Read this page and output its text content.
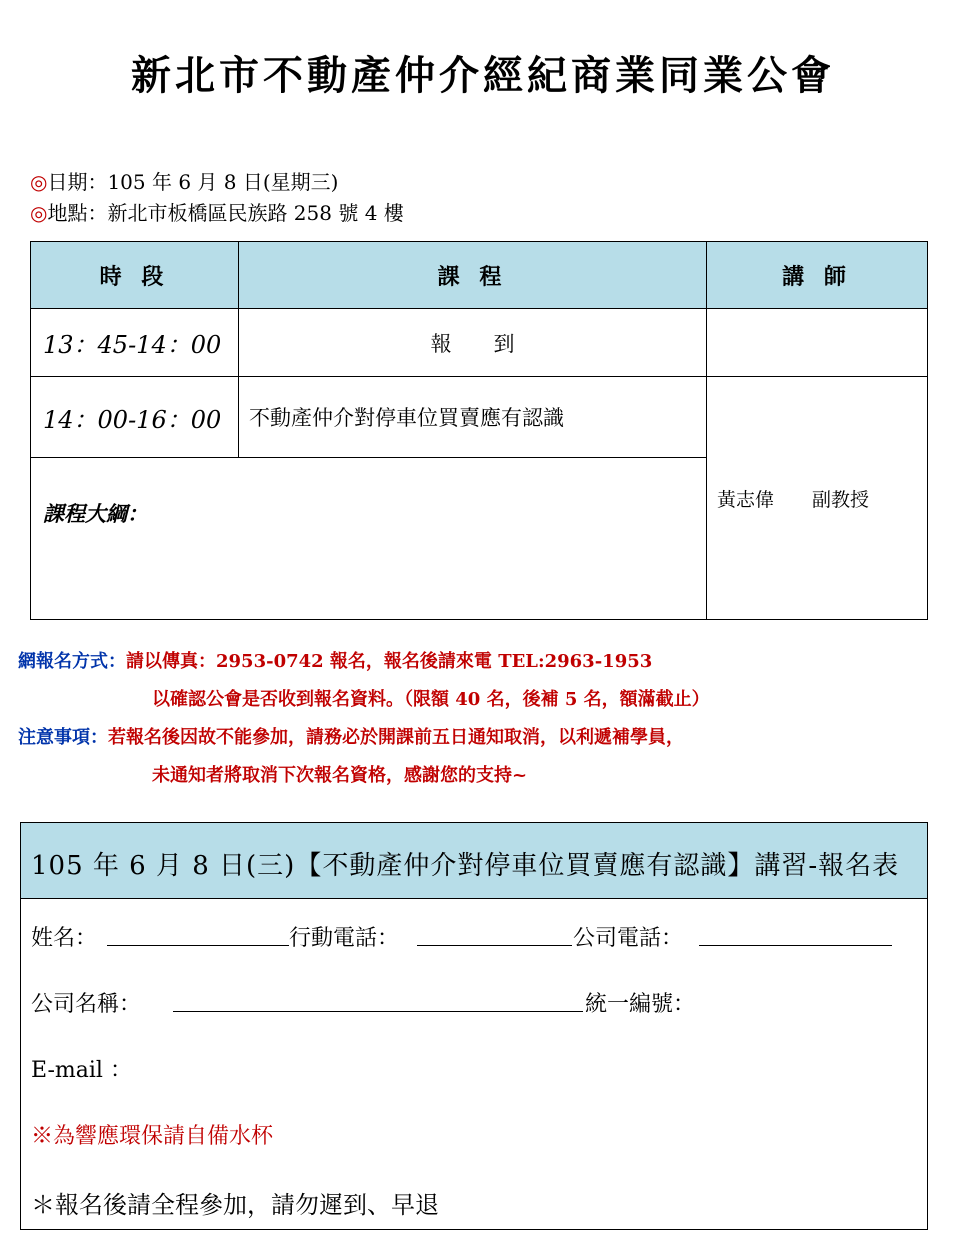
新北市不動產仲介經紀商業同業公會
◎日期：105 年 6 月 8 日(星期三)
◎地點：新北市板橋區民族路 258 號 4 樓
時 段	課 程	講 師
13：45-14：00	報　　到	
14：00-16：00	不動產仲介對停車位買賣應有認識	黃志偉　　副教授
課程大綱：		
網報名方式：請以傳真：2953-0742 報名，報名後請來電 TEL:2963-1953
以確認公會是否收到報名資料。（限額 40 名，後補 5 名，額滿截止）
注意事項：若報名後因故不能參加，請務必於開課前五日通知取消，以利遞補學員，
未通知者將取消下次報名資格，感謝您的支持~
105 年 6 月 8 日(三)【不動產仲介對停車位買賣應有認識】講習-報名表
姓名：	行動電話：	公司電話：
公司名稱：	統一編號：
E-mail ：
※為響應環保請自備水杯
＊報名後請全程參加，請勿遲到、早退
